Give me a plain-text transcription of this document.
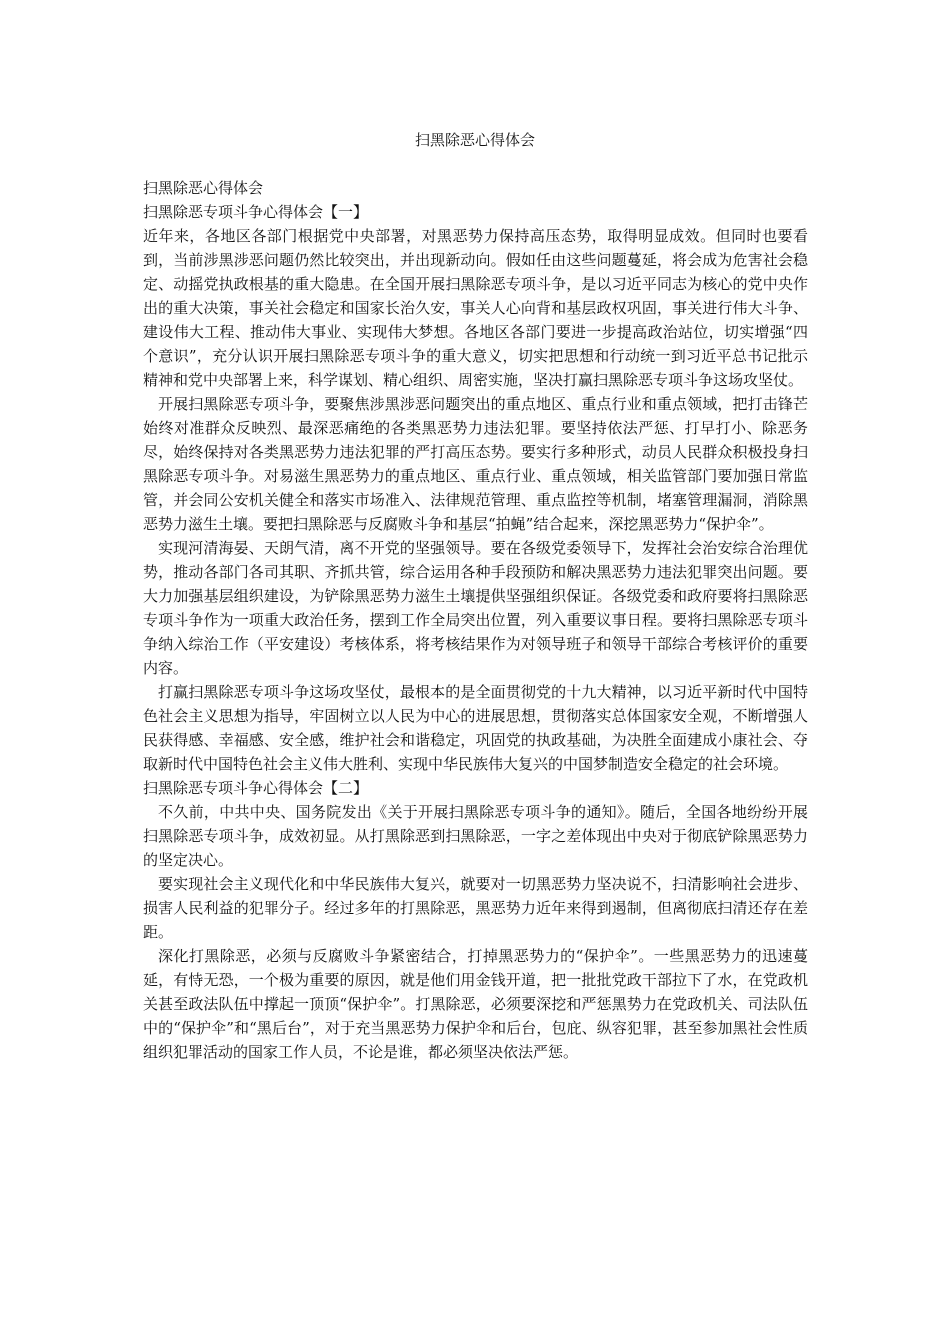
扫黑除恶心得体会

扫黑除恶心得体会

扫黑除恶专项斗争心得体会【一】

近年来，各地区各部门根据党中央部署，对黑恶势力保持高压态势，取得明显成效。但同时也要看到，当前涉黑涉恶问题仍然比较突出，并出现新动向。假如任由这些问题蔓延，将会成为危害社会稳定、动摇党执政根基的重大隐患。在全国开展扫黑除恶专项斗争，是以习近平同志为核心的党中央作出的重大决策，事关社会稳定和国家长治久安，事关人心向背和基层政权巩固，事关进行伟大斗争、建设伟大工程、推动伟大事业、实现伟大梦想。各地区各部门要进一步提高政治站位，切实增强“四个意识”，充分认识开展扫黑除恶专项斗争的重大意义，切实把思想和行动统一到习近平总书记批示精神和党中央部署上来，科学谋划、精心组织、周密实施，坚决打赢扫黑除恶专项斗争这场攻坚仗。

开展扫黑除恶专项斗争，要聚焦涉黑涉恶问题突出的重点地区、重点行业和重点领域，把打击锋芒始终对准群众反映烈、最深恶痛绝的各类黑恶势力违法犯罪。要坚持依法严惩、打早打小、除恶务尽，始终保持对各类黑恶势力违法犯罪的严打高压态势。要实行多种形式，动员人民群众积极投身扫黑除恶专项斗争。对易滋生黑恶势力的重点地区、重点行业、重点领域，相关监管部门要加强日常监管，并会同公安机关健全和落实市场准入、法律规范管理、重点监控等机制，堵塞管理漏洞，消除黑恶势力滋生土壤。要把扫黑除恶与反腐败斗争和基层“拍蝇”结合起来，深挖黑恶势力“保护伞”。

实现河清海晏、天朗气清，离不开党的坚强领导。要在各级党委领导下，发挥社会治安综合治理优势，推动各部门各司其职、齐抓共管，综合运用各种手段预防和解决黑恶势力违法犯罪突出问题。要大力加强基层组织建设，为铲除黑恶势力滋生土壤提供坚强组织保证。各级党委和政府要将扫黑除恶专项斗争作为一项重大政治任务，摆到工作全局突出位置，列入重要议事日程。要将扫黑除恶专项斗争纳入综治工作（平安建设）考核体系，将考核结果作为对领导班子和领导干部综合考核评价的重要内容。

打赢扫黑除恶专项斗争这场攻坚仗，最根本的是全面贯彻党的十九大精神，以习近平新时代中国特色社会主义思想为指导，牢固树立以人民为中心的进展思想，贯彻落实总体国家安全观，不断增强人民获得感、幸福感、安全感，维护社会和谐稳定，巩固党的执政基础，为决胜全面建成小康社会、夺取新时代中国特色社会主义伟大胜利、实现中华民族伟大复兴的中国梦制造安全稳定的社会环境。

扫黑除恶专项斗争心得体会【二】

不久前，中共中央、国务院发出《关于开展扫黑除恶专项斗争的通知》。随后，全国各地纷纷开展扫黑除恶专项斗争，成效初显。从打黑除恶到扫黑除恶，一字之差体现出中央对于彻底铲除黑恶势力的坚定决心。

要实现社会主义现代化和中华民族伟大复兴，就要对一切黑恶势力坚决说不，扫清影响社会进步、损害人民利益的犯罪分子。经过多年的打黑除恶，黑恶势力近年来得到遏制，但离彻底扫清还存在差距。

深化打黑除恶，必须与反腐败斗争紧密结合，打掉黑恶势力的“保护伞”。一些黑恶势力的迅速蔓延，有恃无恐，一个极为重要的原因，就是他们用金钱开道，把一批批党政干部拉下了水，在党政机关甚至政法队伍中撑起一顶顶“保护伞”。打黑除恶，必须要深挖和严惩黑势力在党政机关、司法队伍中的“保护伞”和“黑后台”，对于充当黑恶势力保护伞和后台，包庇、纵容犯罪，甚至参加黑社会性质组织犯罪活动的国家工作人员，不论是谁，都必须坚决依法严惩。
